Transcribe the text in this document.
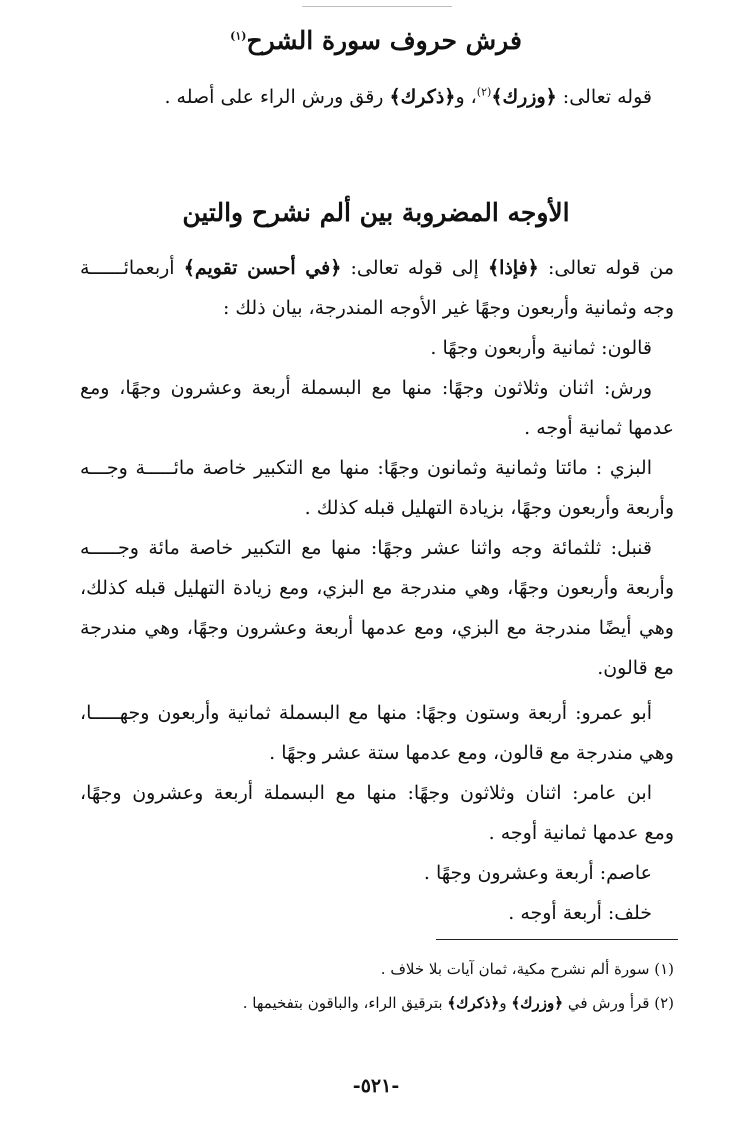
فرش حروف سورة الشرح$^{(١)}$
قوله تعالى: ﴿وزرك﴾$^{(٢)}$، و﴿ذكرك﴾ رقق ورش الراء على أصله .
الأوجه المضروبة بين ألم نشرح والتين
من قوله تعالى: ﴿فإذا﴾ إلى قوله تعالى: ﴿في أحسن تقويم﴾ أربعمائــــــة
وجه وثمانية وأربعون وجهًا غير الأوجه المندرجة، بيان ذلك :
قالون: ثمانية وأربعون وجهًا .
ورش: اثنان وثلاثون وجهًا: منها مع البسملة أربعة وعشرون وجهًا، ومع
عدمها ثمانية أوجه .
البزي : مائتا وثمانية وثمانون وجهًا: منها مع التكبير خاصة مائـــــة وجـــه
وأربعة وأربعون وجهًا، بزيادة التهليل قبله كذلك .
قنبل: ثلثمائة وجه واثنا عشر وجهًا: منها مع التكبير خاصة مائة وجـــــه
وأربعة وأربعون وجهًا، وهي مندرجة مع البزي، ومع زيادة التهليل قبله كذلك،
وهي أيضًا مندرجة مع البزي، ومع عدمها أربعة وعشرون وجهًا، وهي مندرجة
مع قالون.
أبو عمرو: أربعة وستون وجهًا: منها مع البسملة ثمانية وأربعون وجهـــــا،
وهي مندرجة مع قالون، ومع عدمها ستة عشر وجهًا .
ابن عامر: اثنان وثلاثون وجهًا: منها مع البسملة أربعة وعشرون وجهًا،
ومع عدمها ثمانية أوجه .
عاصم: أربعة وعشرون وجهًا .
خلف: أربعة أوجه .
(١) سورة ألم نشرح مكية، ثمان آيات بلا خلاف .
(٢) قرأ ورش في ﴿وزرك﴾ و﴿ذكرك﴾ بترقيق الراء، والباقون بتفخيمها .
-٥٢١-
